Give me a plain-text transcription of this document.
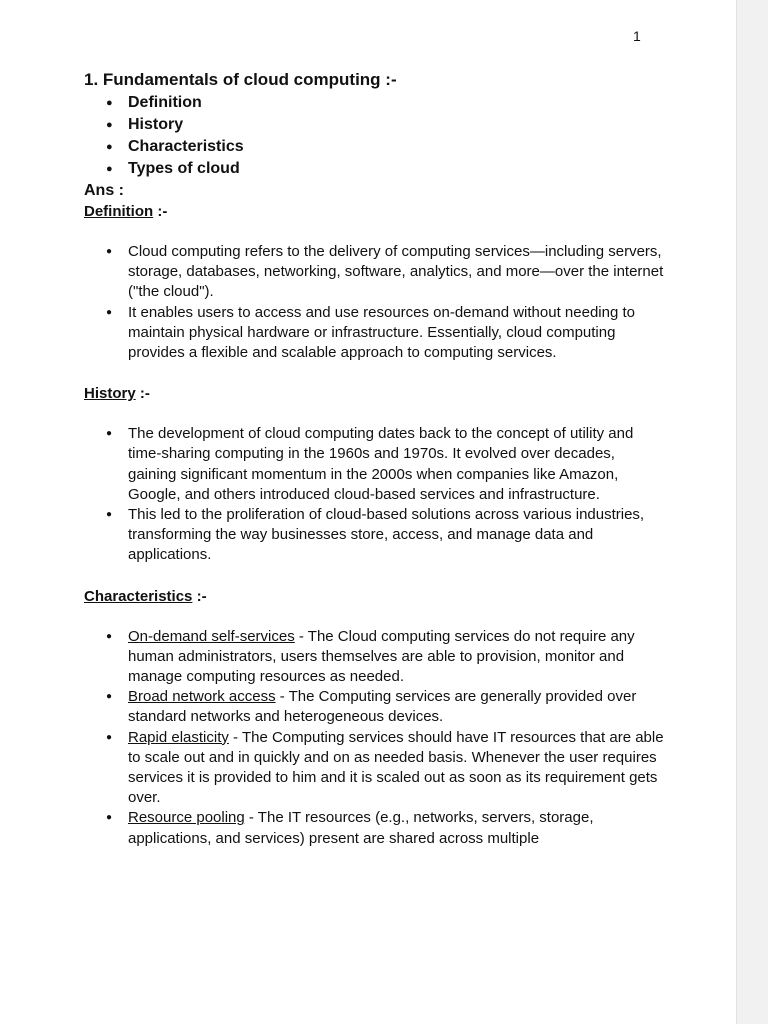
1
1. Fundamentals of cloud computing :-
● Definition
● History
● Characteristics
● Types of cloud
Ans :

Definition :-

● Cloud computing refers to the delivery of computing services—including servers, storage, databases, networking, software, analytics, and more—over the internet ("the cloud").
● It enables users to access and use resources on-demand without needing to maintain physical hardware or infrastructure. Essentially, cloud computing provides a flexible and scalable approach to computing services.

History :-

● The development of cloud computing dates back to the concept of utility and time-sharing computing in the 1960s and 1970s. It evolved over decades, gaining significant momentum in the 2000s when companies like Amazon, Google, and others introduced cloud-based services and infrastructure.
● This led to the proliferation of cloud-based solutions across various industries, transforming the way businesses store, access, and manage data and applications.

Characteristics :-

● On-demand self-services - The Cloud computing services do not require any human administrators, users themselves are able to provision, monitor and manage computing resources as needed.
● Broad network access - The Computing services are generally provided over standard networks and heterogeneous devices.
● Rapid elasticity - The Computing services should have IT resources that are able to scale out and in quickly and on as needed basis. Whenever the user requires services it is provided to him and it is scaled out as soon as its requirement gets over.
● Resource pooling - The IT resources (e.g., networks, servers, storage, applications, and services) present are shared across multiple
